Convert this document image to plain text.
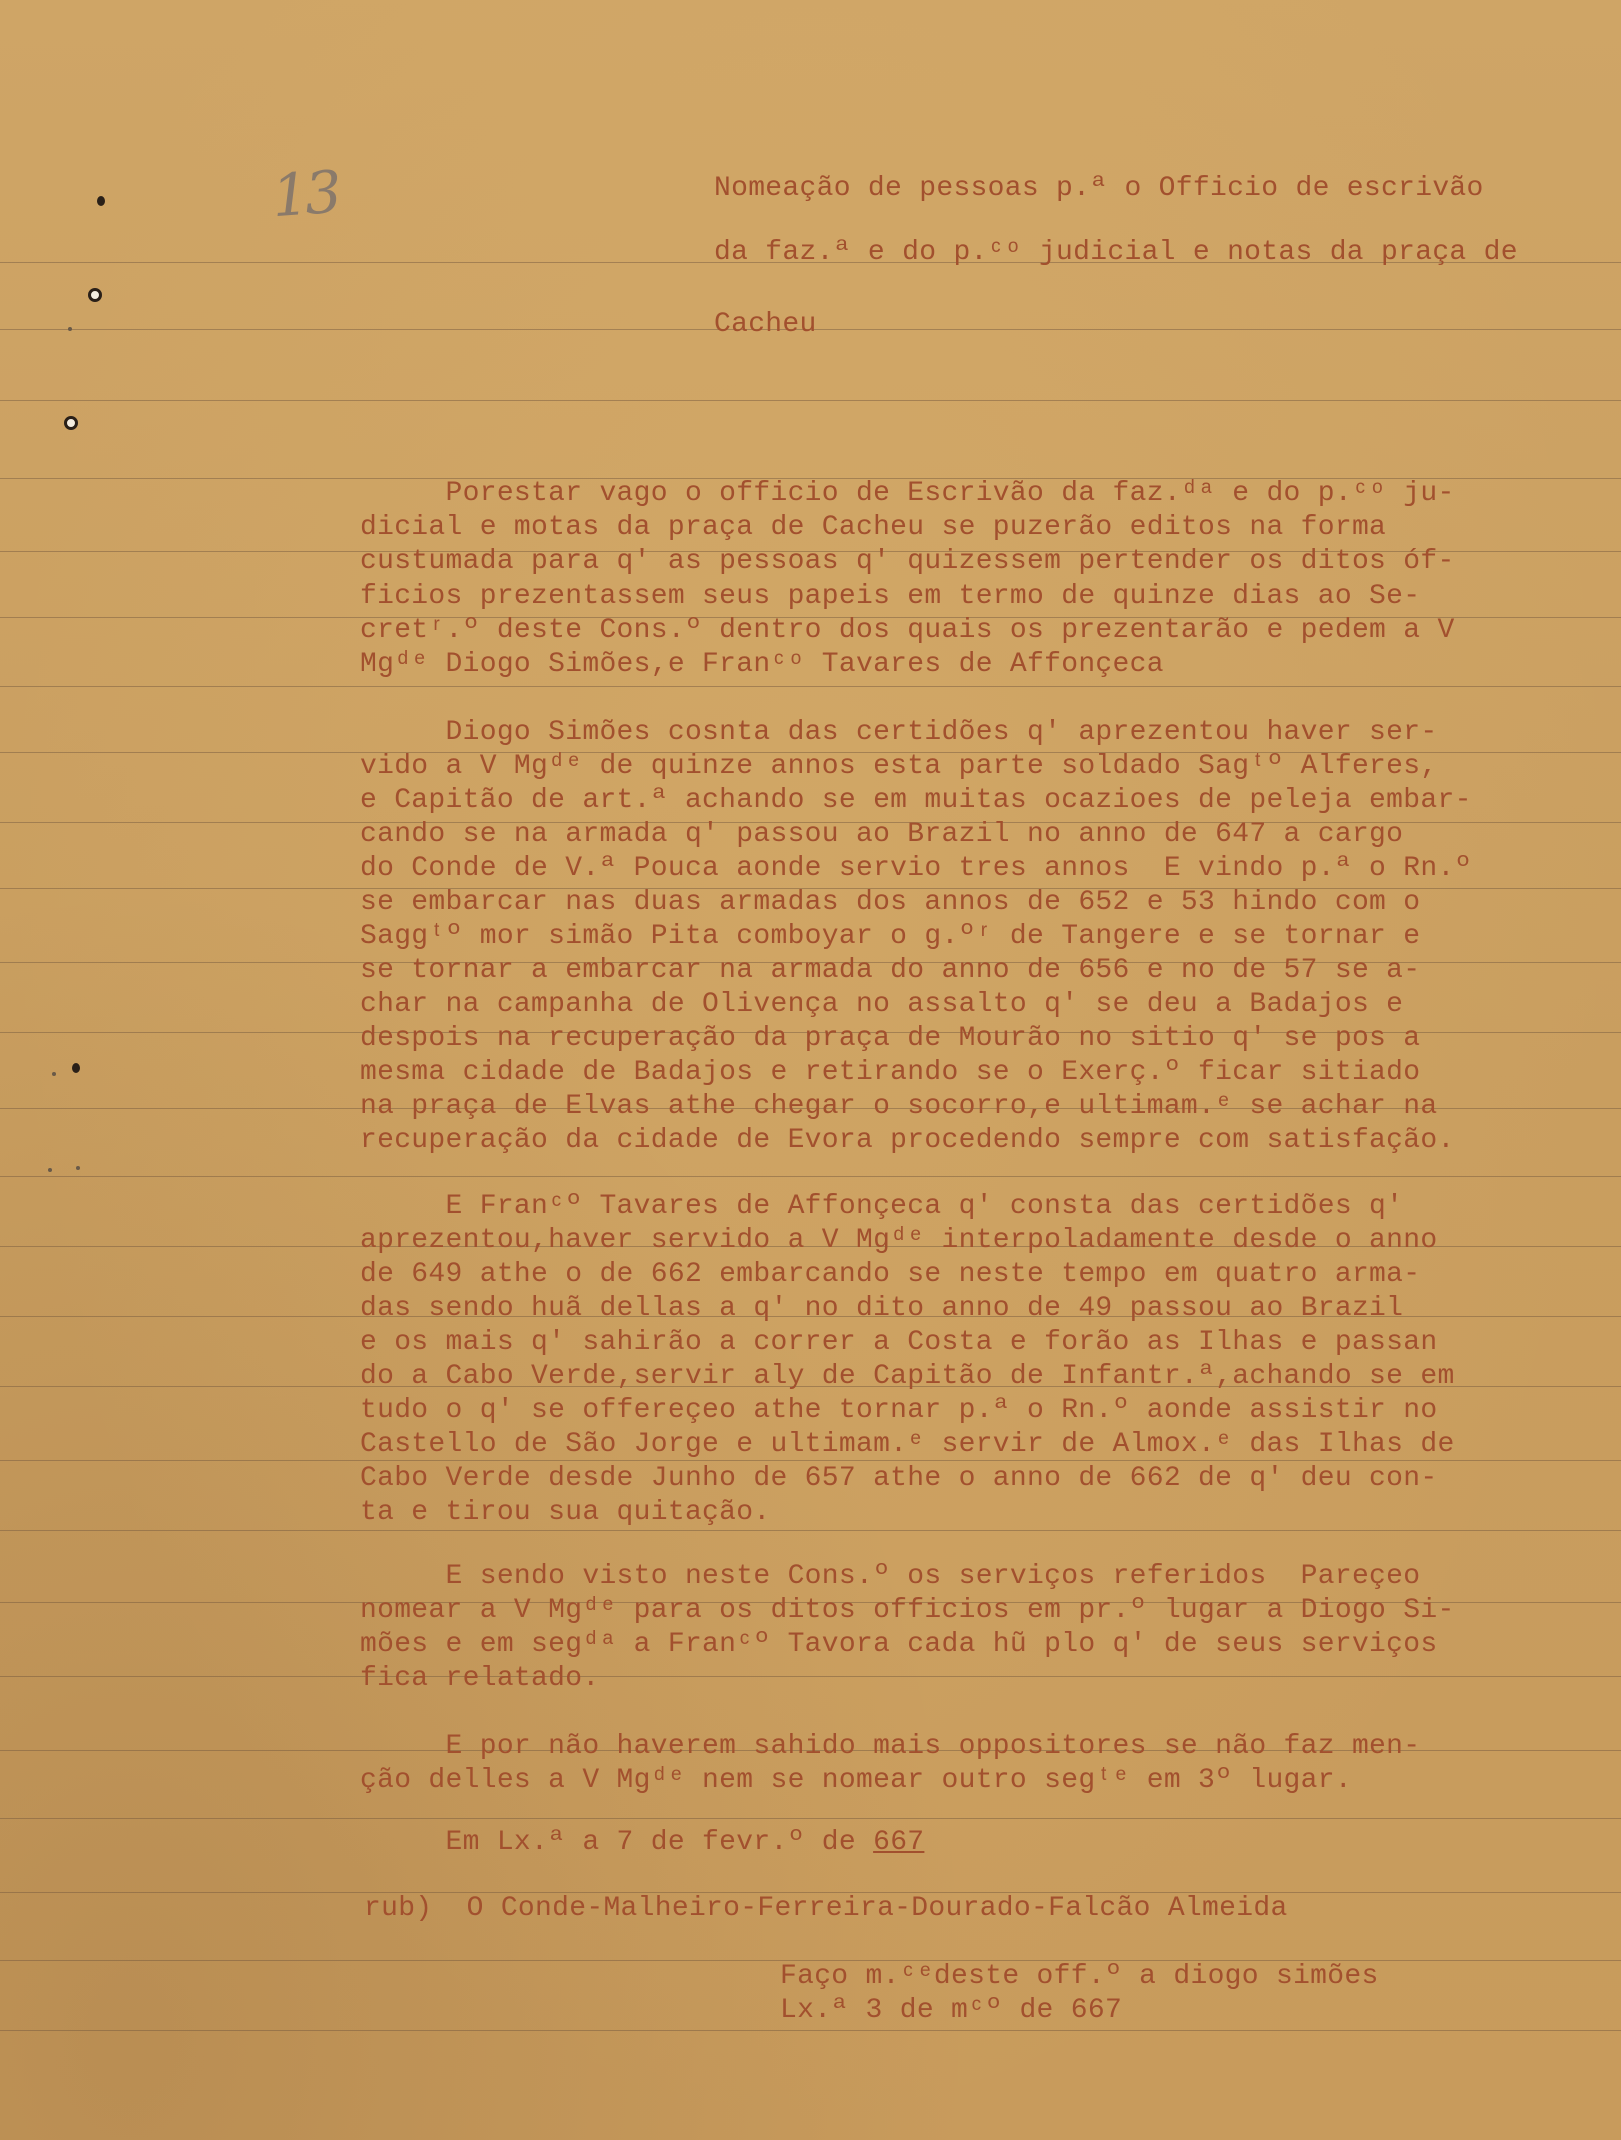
13	Nomeação de pessoas p.ª o Officio de escrivão
da faz.ª e do p.ᶜᵒ judicial e notas da praça de
Cacheu
Porestar vago o officio de Escrivão da faz.ᵈᵃ e do p.ᶜᵒ ju-
dicial e motas da praça de Cacheu se puzerão editos na forma
custumada para q' as pessoas q' quizessem pertender os ditos óf-
ficios prezentassem seus papeis em termo de quinze dias ao Se-
cretʳ.º deste Cons.º dentro dos quais os prezentarão e pedem a V
Mgᵈᵉ Diogo Simões,e Franᶜᵒ Tavares de Affonçeca
Diogo Simões cosnta das certidões q' aprezentou haver ser-
vido a V Mgᵈᵉ de quinze annos esta parte soldado Sagᵗº Alferes,
e Capitão de art.ª achando se em muitas ocazioes de peleja embar-
cando se na armada q' passou ao Brazil no anno de 647 a cargo
do Conde de V.ª Pouca aonde servio tres annos  E vindo p.ª o Rn.º
se embarcar nas duas armadas dos annos de 652 e 53 hindo com o
Saggᵗº mor simão Pita comboyar o g.ºʳ de Tangere e se tornar e
se tornar a embarcar na armada do anno de 656 e no de 57 se a-
char na campanha de Olivença no assalto q' se deu a Badajos e
despois na recuperação da praça de Mourão no sitio q' se pos a
mesma cidade de Badajos e retirando se o Exerç.º ficar sitiado
na praça de Elvas athe chegar o socorro,e ultimam.ᵉ se achar na
recuperação da cidade de Evora procedendo sempre com satisfação.
E Franᶜº Tavares de Affonçeca q' consta das certidões q'
aprezentou,haver servido a V Mgᵈᵉ interpoladamente desde o anno
de 649 athe o de 662 embarcando se neste tempo em quatro arma-
das sendo huã dellas a q' no dito anno de 49 passou ao Brazil
e os mais q' sahirão a correr a Costa e forão as Ilhas e passan
do a Cabo Verde,servir aly de Capitão de Infantr.ª,achando se em
tudo o q' se offereçeo athe tornar p.ª o Rn.º aonde assistir no
Castello de São Jorge e ultimam.ᵉ servir de Almox.ᵉ das Ilhas de
Cabo Verde desde Junho de 657 athe o anno de 662 de q' deu con-
ta e tirou sua quitação.
E sendo visto neste Cons.º os serviços referidos  Pareçeo
nomear a V Mgᵈᵉ para os ditos officios em pr.º lugar a Diogo Si-
mões e em segᵈᵃ a Franᶜº Tavora cada hũ plo q' de seus serviços
fica relatado.
E por não haverem sahido mais oppositores se não faz men-
ção delles a V Mgᵈᵉ nem se nomear outro segᵗᵉ em 3º lugar.
Em Lx.ª a 7 de fevr.º de 667
rub)  O Conde-Malheiro-Ferreira-Dourado-Falcão Almeida
Faço m.ᶜᵉdeste off.º a diogo simões
Lx.ª 3 de mᶜº de 667
